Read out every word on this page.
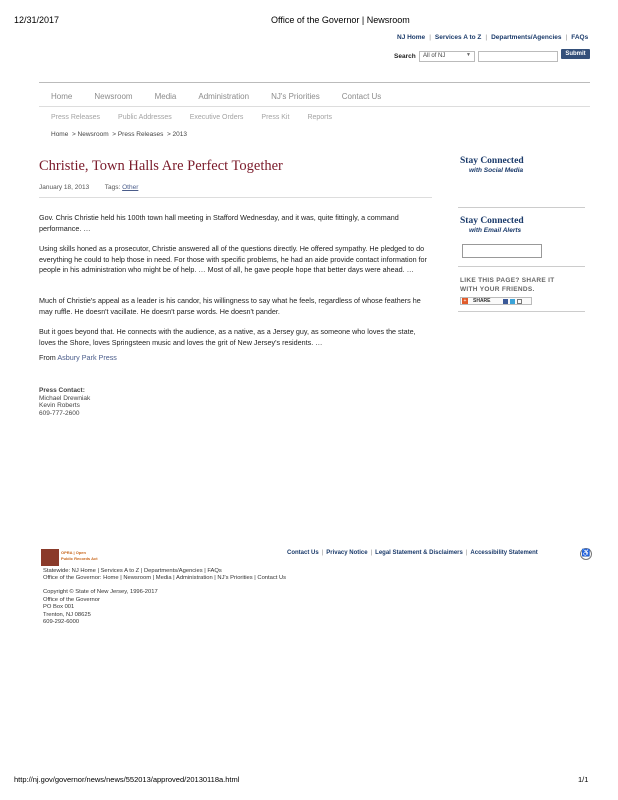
12/31/2017	Office of the Governor | Newsroom
NJ Home | Services A to Z | Departments/Agencies | FAQs
Search	All of NJ	▼	Submit
Home	Newsroom	Media	Administration	NJ's Priorities	Contact Us
Press Releases	Public Addresses	Executive Orders	Press Kit	Reports
Home  > Newsroom  > Press Releases  > 2013
Christie, Town Halls Are Perfect Together
January 18, 2013 Tags: Other

Gov. Chris Christie held his 100th town hall meeting in Stafford Wednesday, and it was, quite fittingly, a command performance. …

Using skills honed as a prosecutor, Christie answered all of the questions directly. He offered sympathy. He pledged to do everything he could to help those in need. For those with specific problems, he had an aide provide contact information for people in his administration who might be of help. … Most of all, he gave people hope that better days were ahead. …

Much of Christie's appeal as a leader is his candor, his willingness to say what he feels, regardless of whose feathers he may ruffle. He doesn't vacillate. He doesn't parse words. He doesn't pander.

But it goes beyond that. He connects with the audience, as a native, as a Jersey guy, as someone who loves the state, loves the Shore, loves Springsteen music and loves the grit of New Jersey's residents. …

From Asbury Park Press
Press Contact:
Michael Drewniak
Kevin Roberts
609-777-2600
Stay Connected
with Social Media
Stay Connected
with Email Alerts
LIKE THIS PAGE? SHARE IT
WITH YOUR FRIENDS.
+	SHARE
OPRA | Open
Public Records Act
Contact Us | Privacy Notice | Legal Statement & Disclaimers | Accessibility Statement	♿
Statewide: NJ Home | Services A to Z | Departments/Agencies | FAQs
Office of the Governor: Home | Newsroom | Media | Administration | NJ's Priorities | Contact Us
Copyright © State of New Jersey, 1996-2017
Office of the Governor
PO Box 001
Trenton, NJ 08625
609-292-6000
http://nj.gov/governor/news/news/552013/approved/20130118a.html	1/1
